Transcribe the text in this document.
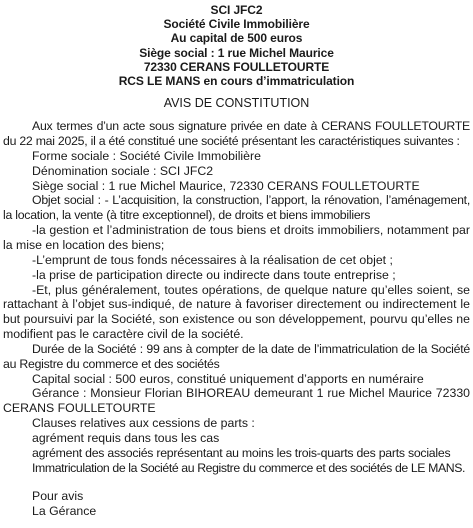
SCI JFC2
Société Civile Immobilière
Au capital de 500 euros
Siège social : 1 rue Michel Maurice
72330 CERANS FOULLETOURTE
RCS LE MANS en cours d’immatriculation
AVIS DE CONSTITUTION

Aux termes d’un acte sous signature privée en date à CERANS FOULLETOURTE du 22 mai 2025, il a été constitué une société présentant les caractéristiques suivantes :

Forme sociale : Société Civile Immobilière

Dénomination sociale : SCI JFC2

Siège social : 1 rue Michel Maurice, 72330 CERANS FOULLETOURTE

Objet social : - L’acquisition, la construction, l’apport, la rénovation, l’aménagement, la location, la vente (à titre exceptionnel), de droits et biens immobiliers

-la gestion et l’administration de tous biens et droits immobiliers, notamment par la mise en location des biens;

-L’emprunt de tous fonds nécessaires à la réalisation de cet objet ;

-la prise de participation directe ou indirecte dans toute entreprise ;

-Et, plus généralement, toutes opérations, de quelque nature qu’elles soient, se rattachant à l’objet sus-indiqué, de nature à favoriser directement ou indirectement le but poursuivi par la Société, son existence ou son développement, pourvu qu’elles ne modifient pas le caractère civil de la société.

Durée de la Société : 99 ans à compter de la date de l’immatriculation de la Société au Registre du commerce et des sociétés

Capital social : 500 euros, constitué uniquement d’apports en numéraire

Gérance : Monsieur Florian BIHOREAU demeurant 1 rue Michel Maurice 72330 CERANS FOULLETOURTE

Clauses relatives aux cessions de parts :

agrément requis dans tous les cas

agrément des associés représentant au moins les trois-quarts des parts sociales

Immatriculation de la Société au Registre du commerce et des sociétés de LE MANS.

Pour avis

La Gérance
